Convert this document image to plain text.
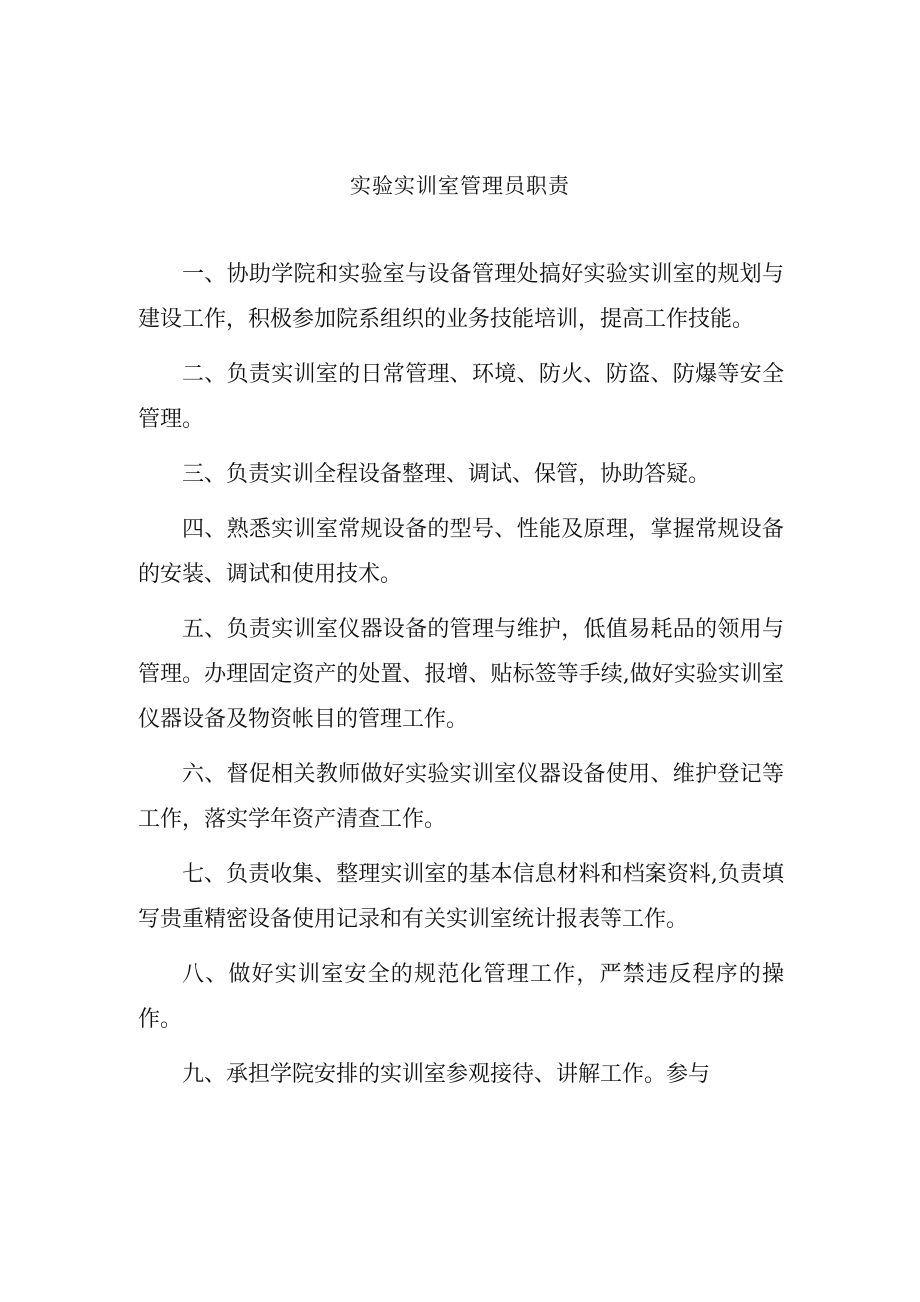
实验实训室管理员职责

一、协助学院和实验室与设备管理处搞好实验实训室的规划与建设工作，积极参加院系组织的业务技能培训，提高工作技能。

二、负责实训室的日常管理、环境、防火、防盗、防爆等安全管理。

三、负责实训全程设备整理、调试、保管，协助答疑。

四、熟悉实训室常规设备的型号、性能及原理，掌握常规设备的安装、调试和使用技术。

五、负责实训室仪器设备的管理与维护，低值易耗品的领用与管理。办理固定资产的处置、报增、贴标签等手续,做好实验实训室仪器设备及物资帐目的管理工作。

六、督促相关教师做好实验实训室仪器设备使用、维护登记等工作，落实学年资产清查工作。

七、负责收集、整理实训室的基本信息材料和档案资料,负责填写贵重精密设备使用记录和有关实训室统计报表等工作。

八、做好实训室安全的规范化管理工作，严禁违反程序的操作。

九、承担学院安排的实训室参观接待、讲解工作。参与
